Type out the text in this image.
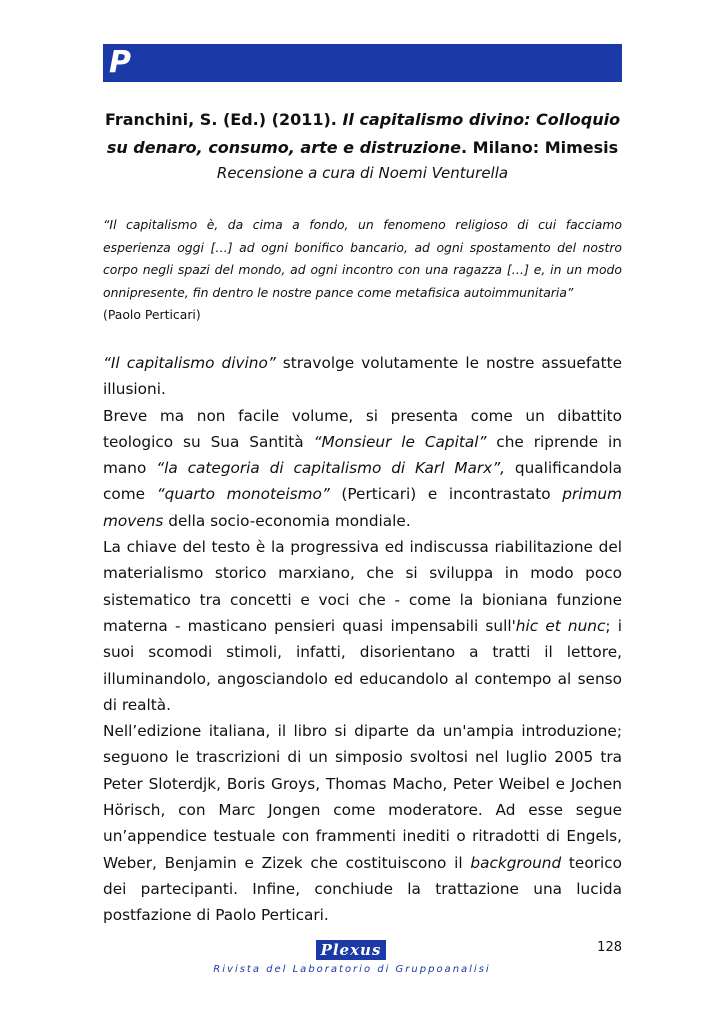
P
Franchini, S. (Ed.) (2011). Il capitalismo divino: Colloquio su denaro, consumo, arte e distruzione. Milano: Mimesis
Recensione a cura di Noemi Venturella
“Il capitalismo è, da cima a fondo, un fenomeno religioso di cui facciamo esperienza oggi […] ad ogni bonifico bancario, ad ogni spostamento del nostro corpo negli spazi del mondo, ad ogni incontro con una ragazza […] e, in un modo onnipresente, fin dentro le nostre pance come metafisica autoimmunitaria”
(Paolo Perticari)

“Il capitalismo divino” stravolge volutamente le nostre assuefatte illusioni.

Breve ma non facile volume, si presenta come un dibattito teologico su Sua Santità “Monsieur le Capital” che riprende in mano “la categoria di capitalismo di Karl Marx”, qualificandola come “quarto monoteismo” (Perticari) e incontrastato primum movens della socio-economia mondiale.

La chiave del testo è la progressiva ed indiscussa riabilitazione del materialismo storico marxiano, che si sviluppa in modo poco sistematico tra concetti e voci che - come la bioniana funzione materna - masticano pensieri quasi impensabili sull'hic et nunc; i suoi scomodi stimoli, infatti, disorientano a tratti il lettore, illuminandolo, angosciandolo ed educandolo al contempo al senso di realtà.

Nell’edizione italiana, il libro si diparte da un'ampia introduzione; seguono le trascrizioni di un simposio svoltosi nel luglio 2005 tra Peter Sloterdjk, Boris Groys, Thomas Macho, Peter Weibel e Jochen Hörisch, con Marc Jongen come moderatore. Ad esse segue un’appendice testuale con frammenti inediti o ritradotti di Engels, Weber, Benjamin e Zizek che costituiscono il background teorico dei partecipanti. Infine, conchiude la trattazione una lucida postfazione di Paolo Perticari.

Plexus
Rivista del Laboratorio di Gruppoanalisi
128
